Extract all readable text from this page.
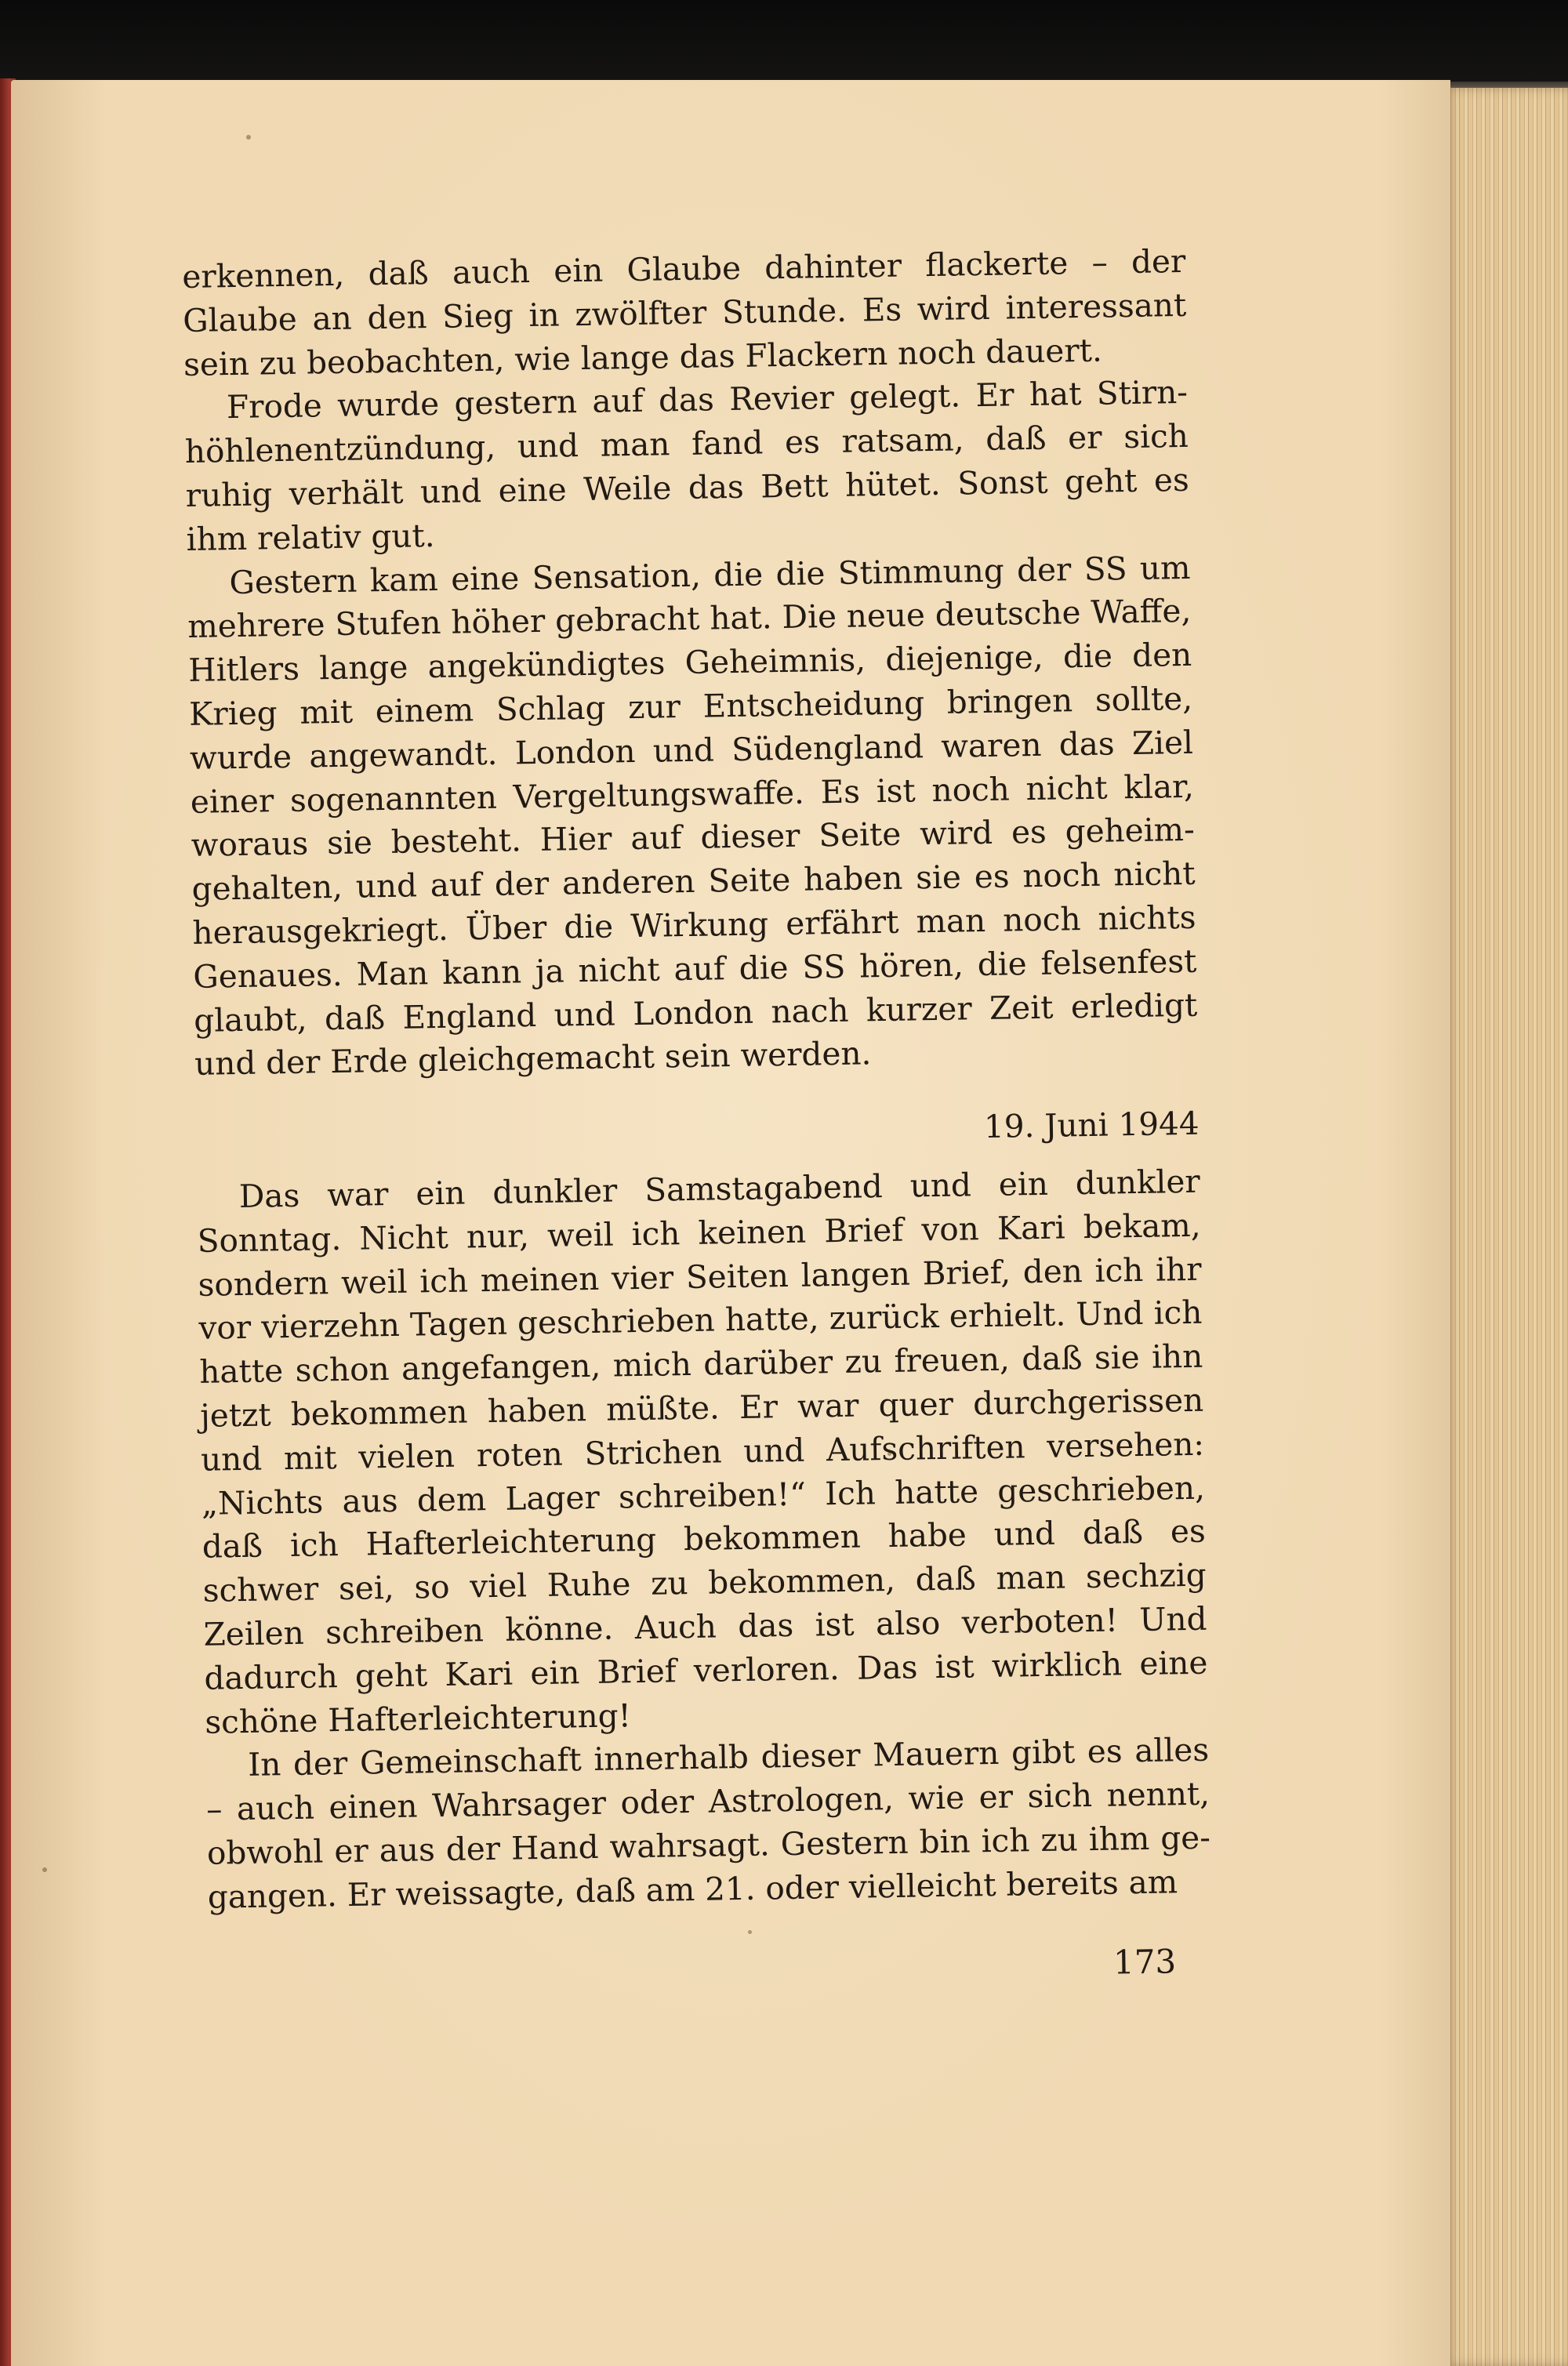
erkennen, daß auch ein Glaube dahinter flackerte – der Glaube an den Sieg in zwölfter Stunde. Es wird interessant sein zu beobachten, wie lange das Flackern noch dauert.

Frode wurde gestern auf das Revier gelegt. Er hat Stirnhöhlenentzündung, und man fand es ratsam, daß er sich ruhig verhält und eine Weile das Bett hütet. Sonst geht es ihm relativ gut.

Gestern kam eine Sensation, die die Stimmung der SS um mehrere Stufen höher gebracht hat. Die neue deutsche Waffe, Hitlers lange angekündigtes Geheimnis, diejenige, die den Krieg mit einem Schlag zur Entscheidung bringen sollte, wurde angewandt. London und Südengland waren das Ziel einer sogenannten Vergeltungswaffe. Es ist noch nicht klar, woraus sie besteht. Hier auf dieser Seite wird es geheimgehalten, und auf der anderen Seite haben sie es noch nicht herausgekriegt. Über die Wirkung erfährt man noch nichts Genaues. Man kann ja nicht auf die SS hören, die felsenfest glaubt, daß England und London nach kurzer Zeit erledigt und der Erde gleichgemacht sein werden.

19. Juni 1944

Das war ein dunkler Samstagabend und ein dunkler Sonntag. Nicht nur, weil ich keinen Brief von Kari bekam, sondern weil ich meinen vier Seiten langen Brief, den ich ihr vor vierzehn Tagen geschrieben hatte, zurück erhielt. Und ich hatte schon angefangen, mich darüber zu freuen, daß sie ihn jetzt bekommen haben müßte. Er war quer durchgerissen und mit vielen roten Strichen und Aufschriften versehen: „Nichts aus dem Lager schreiben!“ Ich hatte geschrieben, daß ich Hafterleichterung bekommen habe und daß es schwer sei, so viel Ruhe zu bekommen, daß man sechzig Zeilen schreiben könne. Auch das ist also verboten! Und dadurch geht Kari ein Brief verloren. Das ist wirklich eine schöne Hafterleichterung!

In der Gemeinschaft innerhalb dieser Mauern gibt es alles – auch einen Wahrsager oder Astrologen, wie er sich nennt, obwohl er aus der Hand wahrsagt. Gestern bin ich zu ihm gegangen. Er weissagte, daß am 21. oder vielleicht bereits am

173
